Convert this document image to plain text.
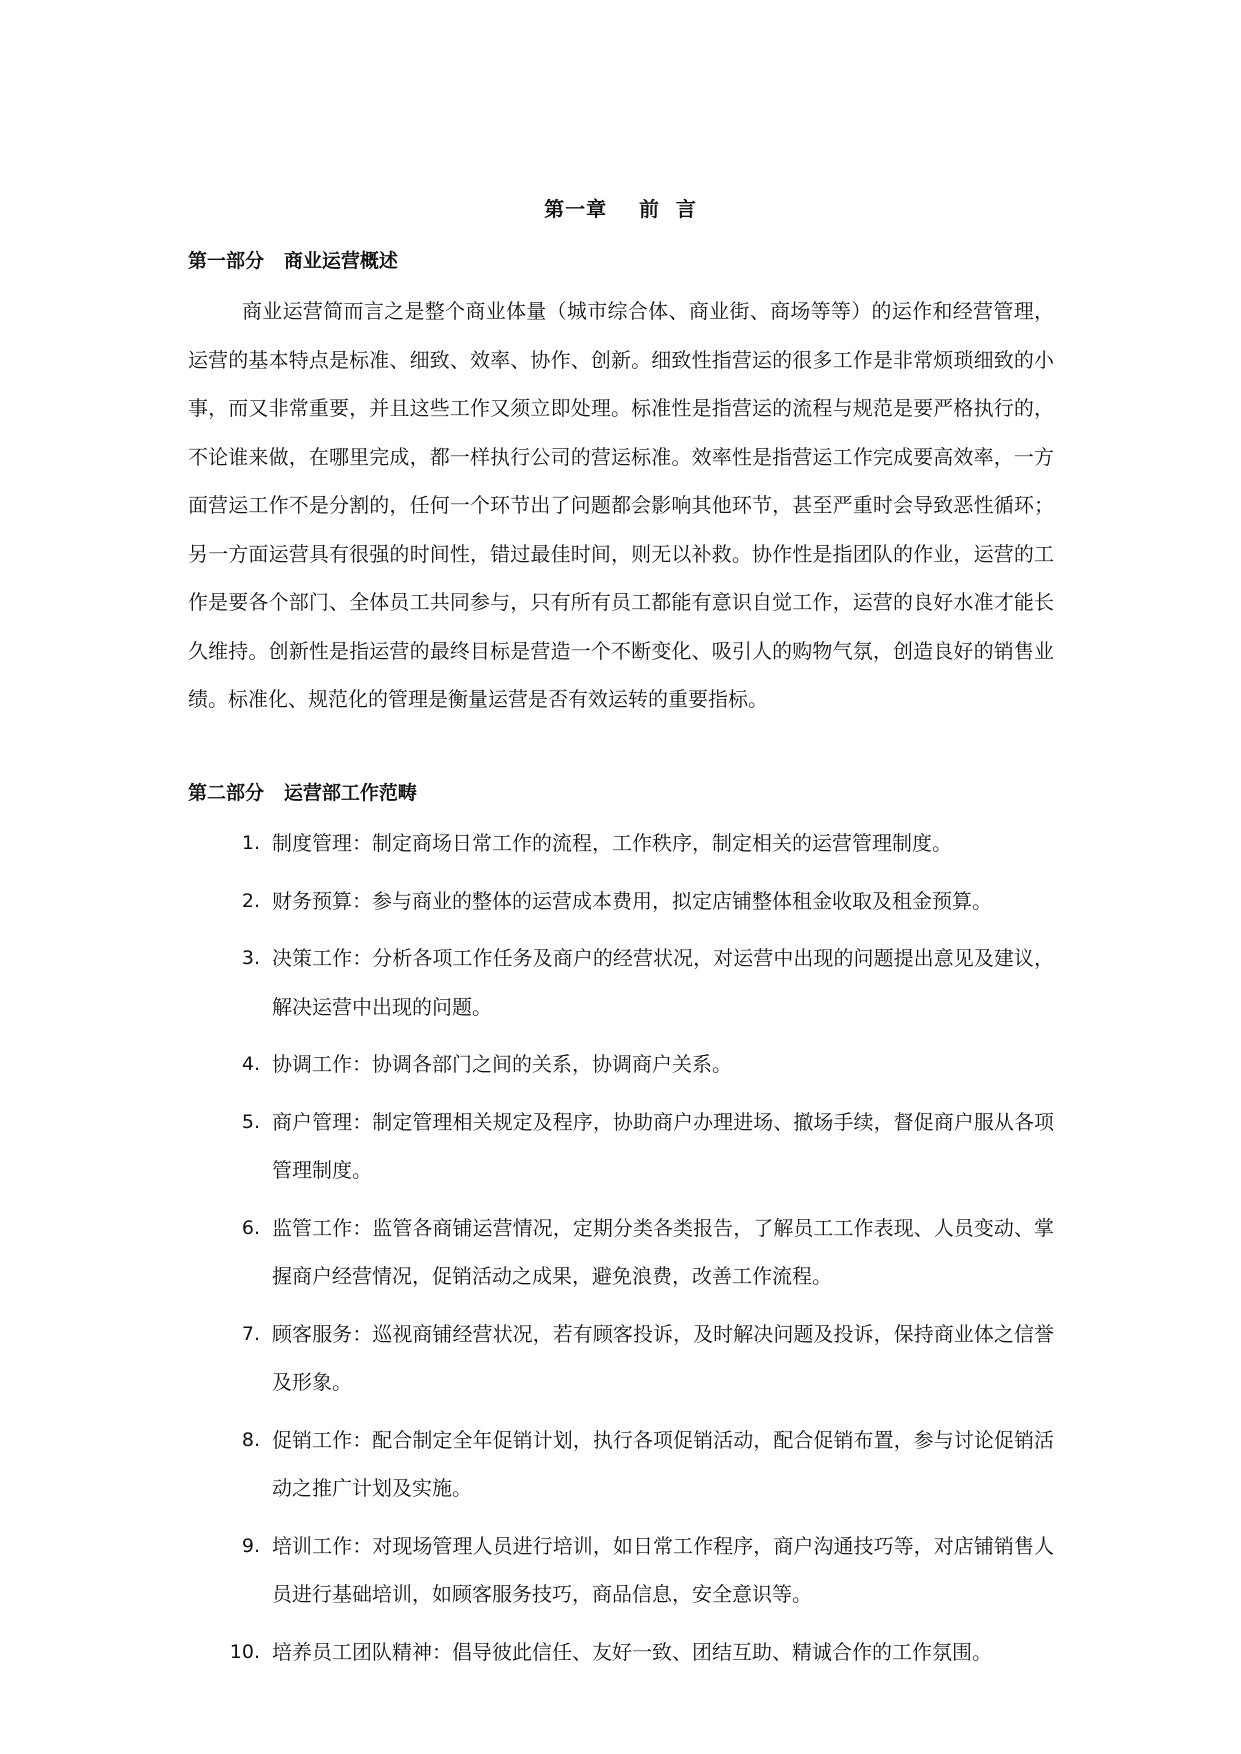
第一章    前  言
第一部分   商业运营概述

商业运营简而言之是整个商业体量（城市综合体、商业街、商场等等）的运作和经营管理，运营的基本特点是标准、细致、效率、协作、创新。细致性指营运的很多工作是非常烦琐细致的小事，而又非常重要，并且这些工作又须立即处理。标准性是指营运的流程与规范是要严格执行的，不论谁来做，在哪里完成，都一样执行公司的营运标准。效率性是指营运工作完成要高效率，一方面营运工作不是分割的，任何一个环节出了问题都会影响其他环节，甚至严重时会导致恶性循环；另一方面运营具有很强的时间性，错过最佳时间，则无以补救。协作性是指团队的作业，运营的工作是要各个部门、全体员工共同参与，只有所有员工都能有意识自觉工作，运营的良好水准才能长久维持。创新性是指运营的最终目标是营造一个不断变化、吸引人的购物气氛，创造良好的销售业绩。标准化、规范化的管理是衡量运营是否有效运转的重要指标。

第二部分   运营部工作范畴
1. 制度管理：制定商场日常工作的流程，工作秩序，制定相关的运营管理制度。
2. 财务预算：参与商业的整体的运营成本费用，拟定店铺整体租金收取及租金预算。
3. 决策工作：分析各项工作任务及商户的经营状况，对运营中出现的问题提出意见及建议，解决运营中出现的问题。
4. 协调工作：协调各部门之间的关系，协调商户关系。
5. 商户管理：制定管理相关规定及程序，协助商户办理进场、撤场手续，督促商户服从各项管理制度。
6. 监管工作：监管各商铺运营情况，定期分类各类报告，了解员工工作表现、人员变动、掌握商户经营情况，促销活动之成果，避免浪费，改善工作流程。
7. 顾客服务：巡视商铺经营状况，若有顾客投诉，及时解决问题及投诉，保持商业体之信誉及形象。
8. 促销工作：配合制定全年促销计划，执行各项促销活动，配合促销布置，参与讨论促销活动之推广计划及实施。
9. 培训工作：对现场管理人员进行培训，如日常工作程序，商户沟通技巧等，对店铺销售人员进行基础培训，如顾客服务技巧，商品信息，安全意识等。
10. 培养员工团队精神：倡导彼此信任、友好一致、团结互助、精诚合作的工作氛围。
